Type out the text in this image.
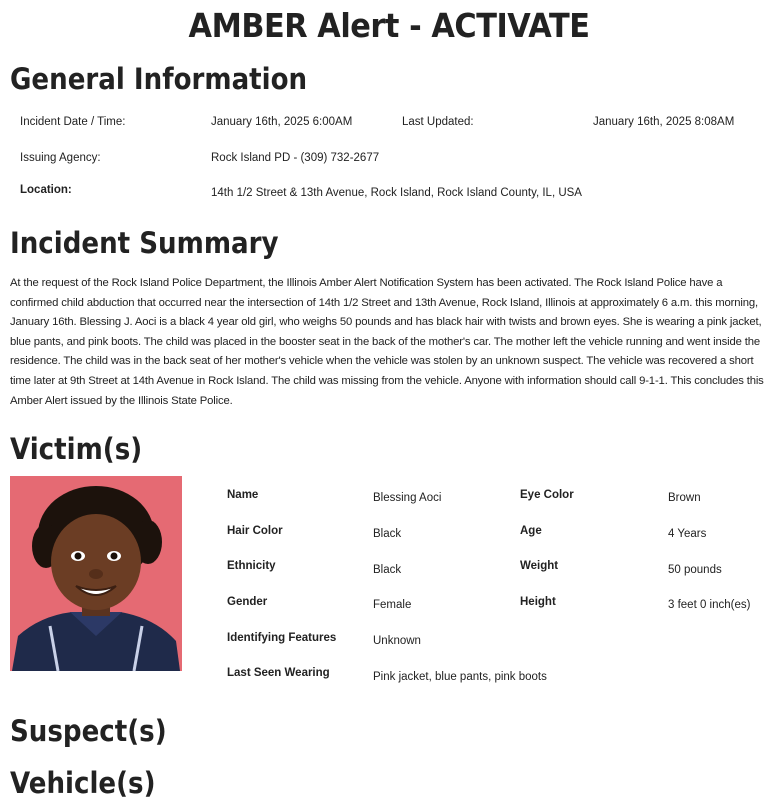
AMBER Alert - ACTIVATE
General Information
Incident Date / Time:	January 16th, 2025 6:00AM	Last Updated:	January 16th, 2025 8:08AM
Issuing Agency:	Rock Island PD - (309) 732-2677
Location:	14th 1/2 Street & 13th Avenue, Rock Island, Rock Island County, IL, USA
Incident Summary
At the request of the Rock Island Police Department, the Illinois Amber Alert Notification System has been activated. The Rock Island Police have a confirmed child abduction that occurred near the intersection of 14th 1/2 Street and 13th Avenue, Rock Island, Illinois at approximately 6 a.m. this morning, January 16th. Blessing J. Aoci is a black 4 year old girl, who weighs 50 pounds and has black hair with twists and brown eyes. She is wearing a pink jacket, blue pants, and pink boots. The child was placed in the booster seat in the back of the mother's car. The mother left the vehicle running and went inside the residence. The child was in the back seat of her mother's vehicle when the vehicle was stolen by an unknown suspect. The vehicle was recovered a short time later at 9th Street at 14th Avenue in Rock Island. The child was missing from the vehicle. Anyone with information should call 9-1-1. This concludes this Amber Alert issued by the Illinois State Police.
Victim(s)
Name	Blessing Aoci	Eye Color	Brown
Hair Color	Black	Age	4 Years
Ethnicity	Black	Weight	50 pounds
Gender	Female	Height	3 feet 0 inch(es)
Identifying Features	Unknown
Last Seen Wearing	Pink jacket, blue pants, pink boots
Suspect(s)
Vehicle(s)
